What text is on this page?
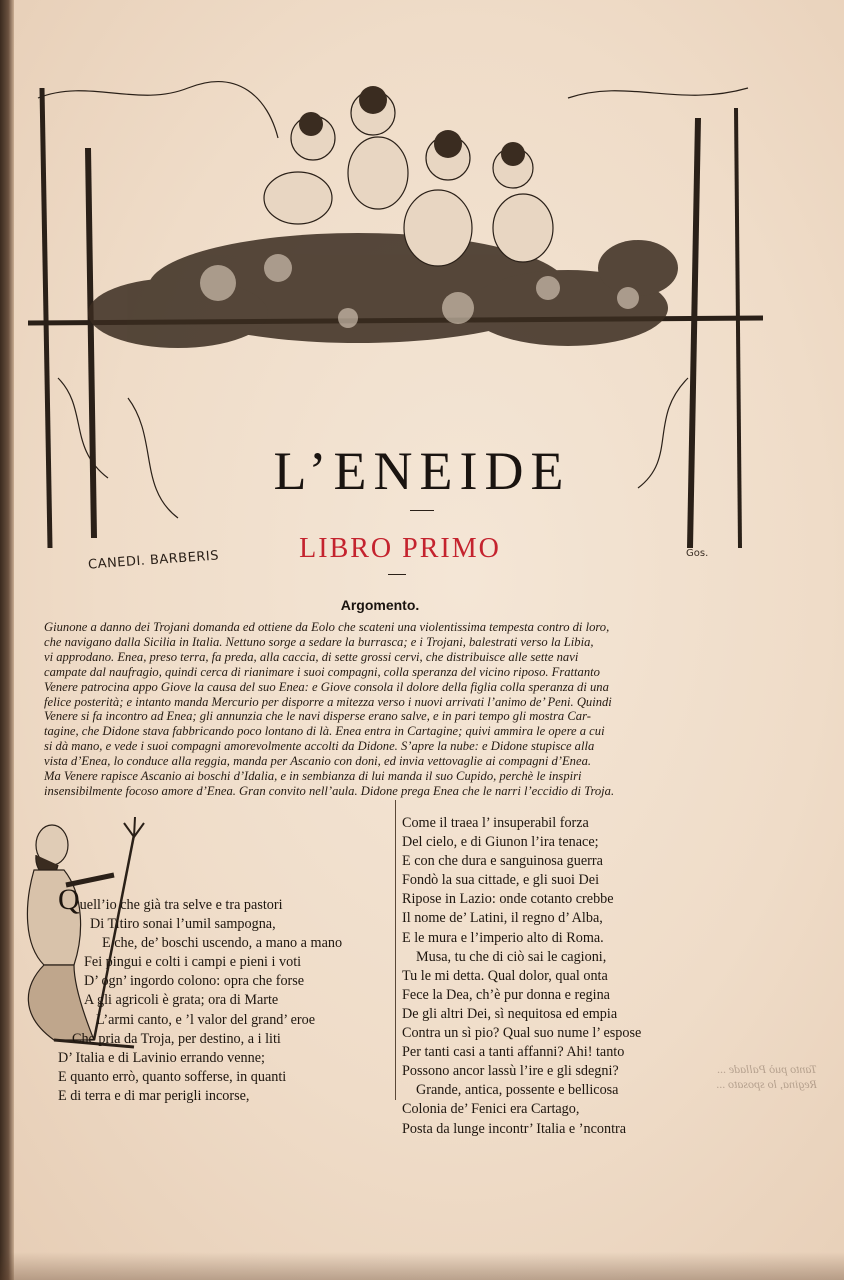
CANEDI. BARBERIS	Gos.
L’ENEIDE
LIBRO PRIMO
Argomento.
Giunone a danno dei Trojani domanda ed ottiene da Eolo che scateni una violentissima tempesta contro di loro,
che navigano dalla Sicilia in Italia. Nettuno sorge a sedare la burrasca; e i Trojani, balestrati verso la Libia,
vi approdano. Enea, preso terra, fa preda, alla caccia, di sette grossi cervi, che distribuisce alle sette navi
campate dal naufragio, quindi cerca di rianimare i suoi compagni, colla speranza del vicino riposo. Frattanto
Venere patrocina appo Giove la causa del suo Enea: e Giove consola il dolore della figlia colla speranza di una
felice posterità; e intanto manda Mercurio per disporre a mitezza verso i nuovi arrivati l’animo de’ Peni. Quindi
Venere si fa incontro ad Enea; gli annunzia che le navi disperse erano salve, e in pari tempo gli mostra Car-
tagine, che Didone stava fabbricando poco lontano di là. Enea entra in Cartagine; quivi ammira le opere a cui
si dà mano, e vede i suoi compagni amorevolmente accolti da Didone. S’apre la nube: e Didone stupisce alla
vista d’Enea, lo conduce alla reggia, manda per Ascanio con doni, ed invia vettovaglie ai compagni d’Enea.
Ma Venere rapisce Ascanio ai boschi d’Idalia, e in sembianza di lui manda il suo Cupido, perchè le inspiri
insensibilmente focoso amore d’Enea. Gran convito nell’aula. Didone prega Enea che le narri l’eccidio di Troja.
Quell’io che già tra selve e tra pastori
Di Titiro sonai l’umil sampogna,
E che, de’ boschi uscendo, a mano a mano
Fei pingui e colti i campi e pieni i voti
D’ ogn’ ingordo colono: opra che forse
A gli agricoli è grata; ora di Marte
L’armi canto, e ’l valor del grand’ eroe
Che pria da Troja, per destino, a i liti
D’ Italia e di Lavinio errando venne;
E quanto errò, quanto sofferse, in quanti
E di terra e di mar perigli incorse,
Come il traea l’ insuperabil forza
Del cielo, e di Giunon l’ira tenace;
E con che dura e sanguinosa guerra
Fondò la sua cittade, e gli suoi Dei
Ripose in Lazio: onde cotanto crebbe
Il nome de’ Latini, il regno d’ Alba,
E le mura e l’imperio alto di Roma.
Musa, tu che di ciò sai le cagioni,
Tu le mi detta. Qual dolor, qual onta
Fece la Dea, ch’è pur donna e regina
De gli altri Dei, sì nequitosa ed empia
Contra un sì pio? Qual suo nume l’ espose
Per tanti casi a tanti affanni? Ahi! tanto
Possono ancor lassù l’ire e gli sdegni?
Grande, antica, possente e bellicosa
Colonia de’ Fenici era Cartago,
Posta da lunge incontr’ Italia e ’ncontra
Tanto può Pallade ...
Regina, lo sposato ...
